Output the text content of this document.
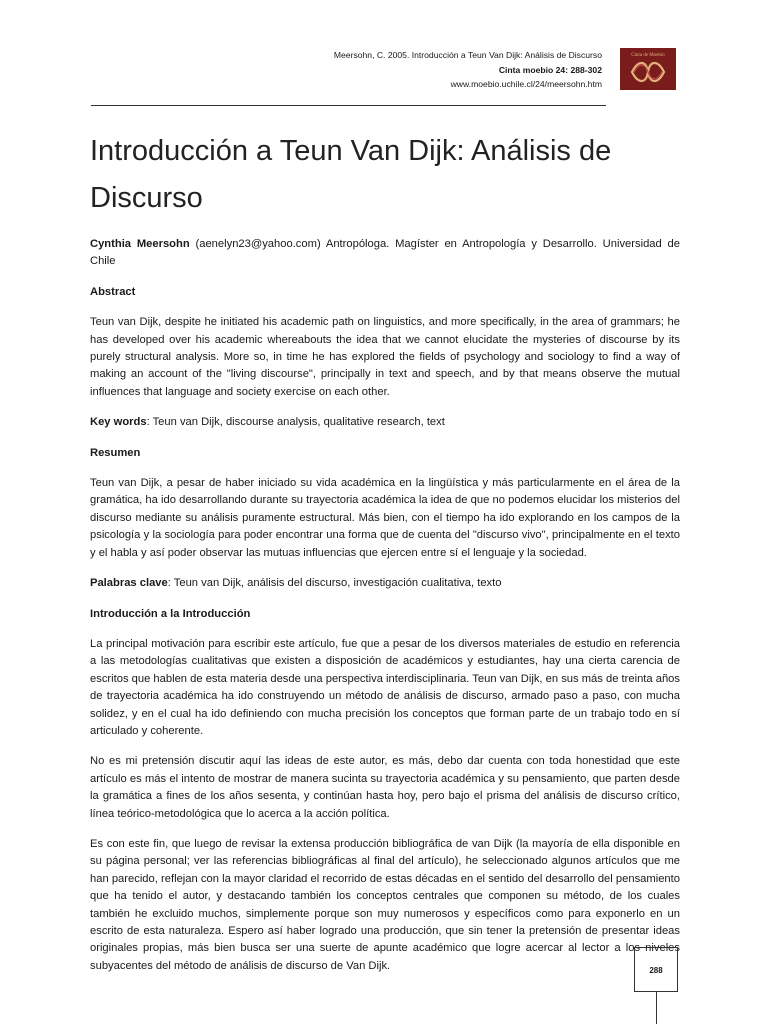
Meersohn, C. 2005. Introducción a Teun Van Dijk: Análisis de Discurso
Cinta moebio 24: 288-302
www.moebio.uchile.cl/24/meersohn.htm
Cinta de Moebio
Introducción a Teun Van Dijk: Análisis de Discurso

Cynthia Meersohn (aenelyn23@yahoo.com) Antropóloga. Magíster en Antropología y Desarrollo. Universidad de Chile

Abstract

Teun van Dijk, despite he initiated his academic path on linguistics, and more specifically, in the area of grammars; he has developed over his academic whereabouts the idea that we cannot elucidate the mysteries of discourse by its purely structural analysis. More so, in time he has explored the fields of psychology and sociology to find a way of making an account of the "living discourse", principally in text and speech, and by that means observe the mutual influences that language and society exercise on each other.

Key words: Teun van Dijk, discourse analysis, qualitative research, text

Resumen

Teun van Dijk, a pesar de haber iniciado su vida académica en la lingüística y más particularmente en el área de la gramática, ha ido desarrollando durante su trayectoria académica la idea de que no podemos elucidar los misterios del discurso mediante su análisis puramente estructural. Más bien, con el tiempo ha ido explorando en los campos de la psicología y la sociología para poder encontrar una forma que de cuenta del "discurso vivo", principalmente en el texto y el habla y así poder observar las mutuas influencias que ejercen entre sí el lenguaje y la sociedad.

Palabras clave: Teun van Dijk, análisis del discurso, investigación cualitativa, texto

Introducción a la Introducción

La principal motivación para escribir este artículo, fue que a pesar de los diversos materiales de estudio en referencia a las metodologías cualitativas que existen a disposición de académicos y estudiantes, hay una cierta carencia de escritos que hablen de esta materia desde una perspectiva interdisciplinaria. Teun van Dijk, en sus más de treinta años de trayectoria académica ha ido construyendo un método de análisis de discurso, armado paso a paso, con mucha solidez, y en el cual ha ido definiendo con mucha precisión los conceptos que forman parte de un trabajo todo en sí articulado y coherente.

No es mi pretensión discutir aquí las ideas de este autor, es más, debo dar cuenta con toda honestidad que este artículo es más el intento de mostrar de manera sucinta su trayectoria académica y su pensamiento, que parten desde la gramática a fines de los años sesenta, y continúan hasta hoy, pero bajo el prisma del análisis de discurso crítico, línea teórico-metodológica que lo acerca a la acción política.

Es con este fin, que luego de revisar la extensa producción bibliográfica de van Dijk (la mayoría de ella disponible en su página personal; ver las referencias bibliográficas al final del artículo), he seleccionado algunos artículos que me han parecido, reflejan con la mayor claridad el recorrido de estas décadas en el sentido del desarrollo del pensamiento que ha tenido el autor, y destacando también los conceptos centrales que componen su método, de los cuales también he excluido muchos, simplemente porque son muy numerosos y específicos como para exponerlo en un escrito de esta naturaleza. Espero así haber logrado una producción, que sin tener la pretensión de presentar ideas originales propias, más bien busca ser una suerte de apunte académico que logre acercar al lector a los niveles subyacentes del método de análisis de discurso de Van Dijk.	288
